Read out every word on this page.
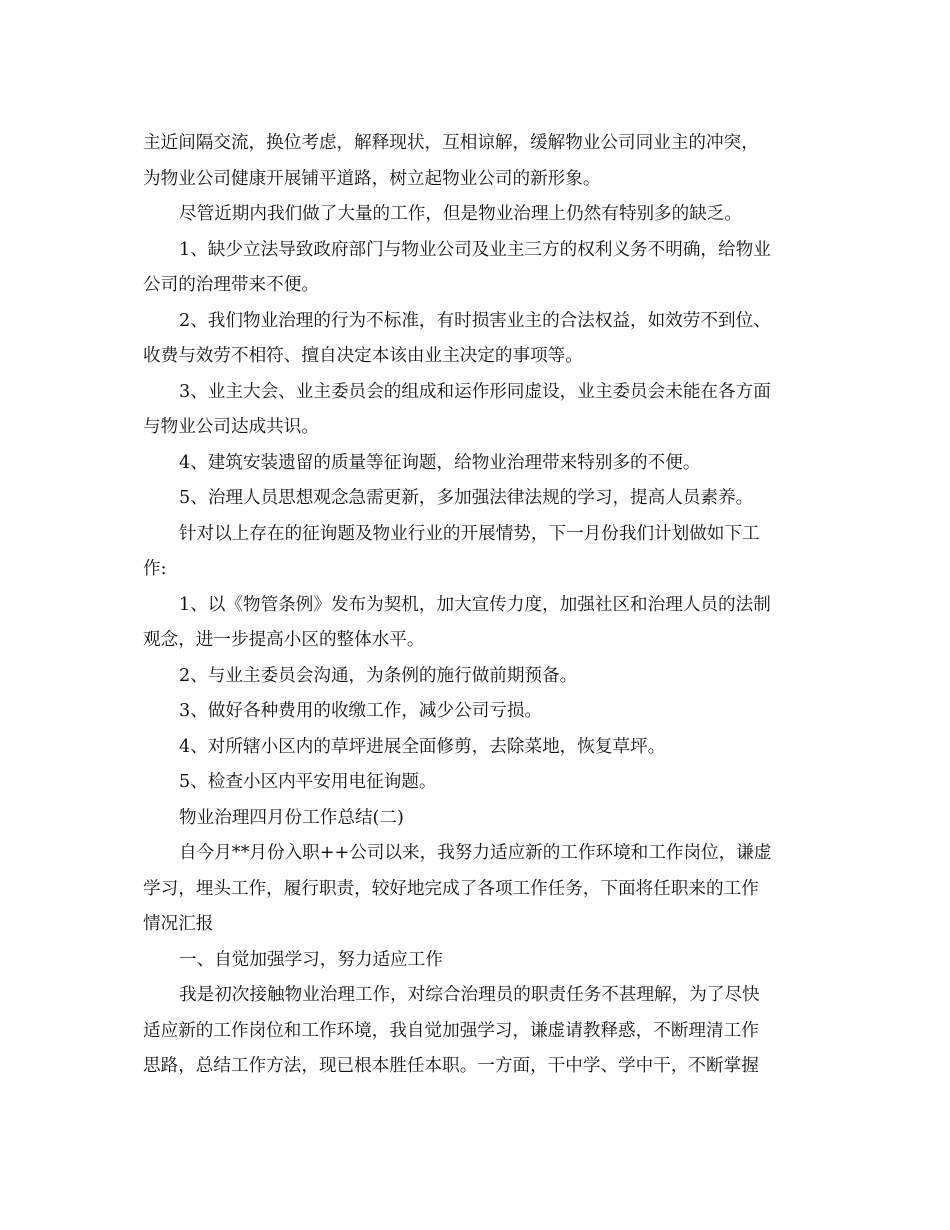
主近间隔交流，换位考虑，解释现状，互相谅解，缓解物业公司同业主的冲突，
为物业公司健康开展铺平道路，树立起物业公司的新形象。
尽管近期内我们做了大量的工作，但是物业治理上仍然有特别多的缺乏。
1、缺少立法导致政府部门与物业公司及业主三方的权利义务不明确，给物业
公司的治理带来不便。
2、我们物业治理的行为不标准，有时损害业主的合法权益，如效劳不到位、
收费与效劳不相符、擅自决定本该由业主决定的事项等。
3、业主大会、业主委员会的组成和运作形同虚设，业主委员会未能在各方面
与物业公司达成共识。
4、建筑安装遗留的质量等征询题，给物业治理带来特别多的不便。
5、治理人员思想观念急需更新，多加强法律法规的学习，提高人员素养。
针对以上存在的征询题及物业行业的开展情势，下一月份我们计划做如下工
作:
1、以《物管条例》发布为契机，加大宣传力度，加强社区和治理人员的法制
观念，进一步提高小区的整体水平。
2、与业主委员会沟通，为条例的施行做前期预备。
3、做好各种费用的收缴工作，减少公司亏损。
4、对所辖小区内的草坪进展全面修剪，去除菜地，恢复草坪。
5、检查小区内平安用电征询题。
物业治理四月份工作总结(二)
自今月**月份入职++公司以来，我努力适应新的工作环境和工作岗位，谦虚
学习，埋头工作，履行职责，较好地完成了各项工作任务，下面将任职来的工作
情况汇报
一、自觉加强学习，努力适应工作
我是初次接触物业治理工作，对综合治理员的职责任务不甚理解，为了尽快
适应新的工作岗位和工作环境，我自觉加强学习，谦虚请教释惑，不断理清工作
思路，总结工作方法，现已根本胜任本职。一方面，干中学、学中干，不断掌握
